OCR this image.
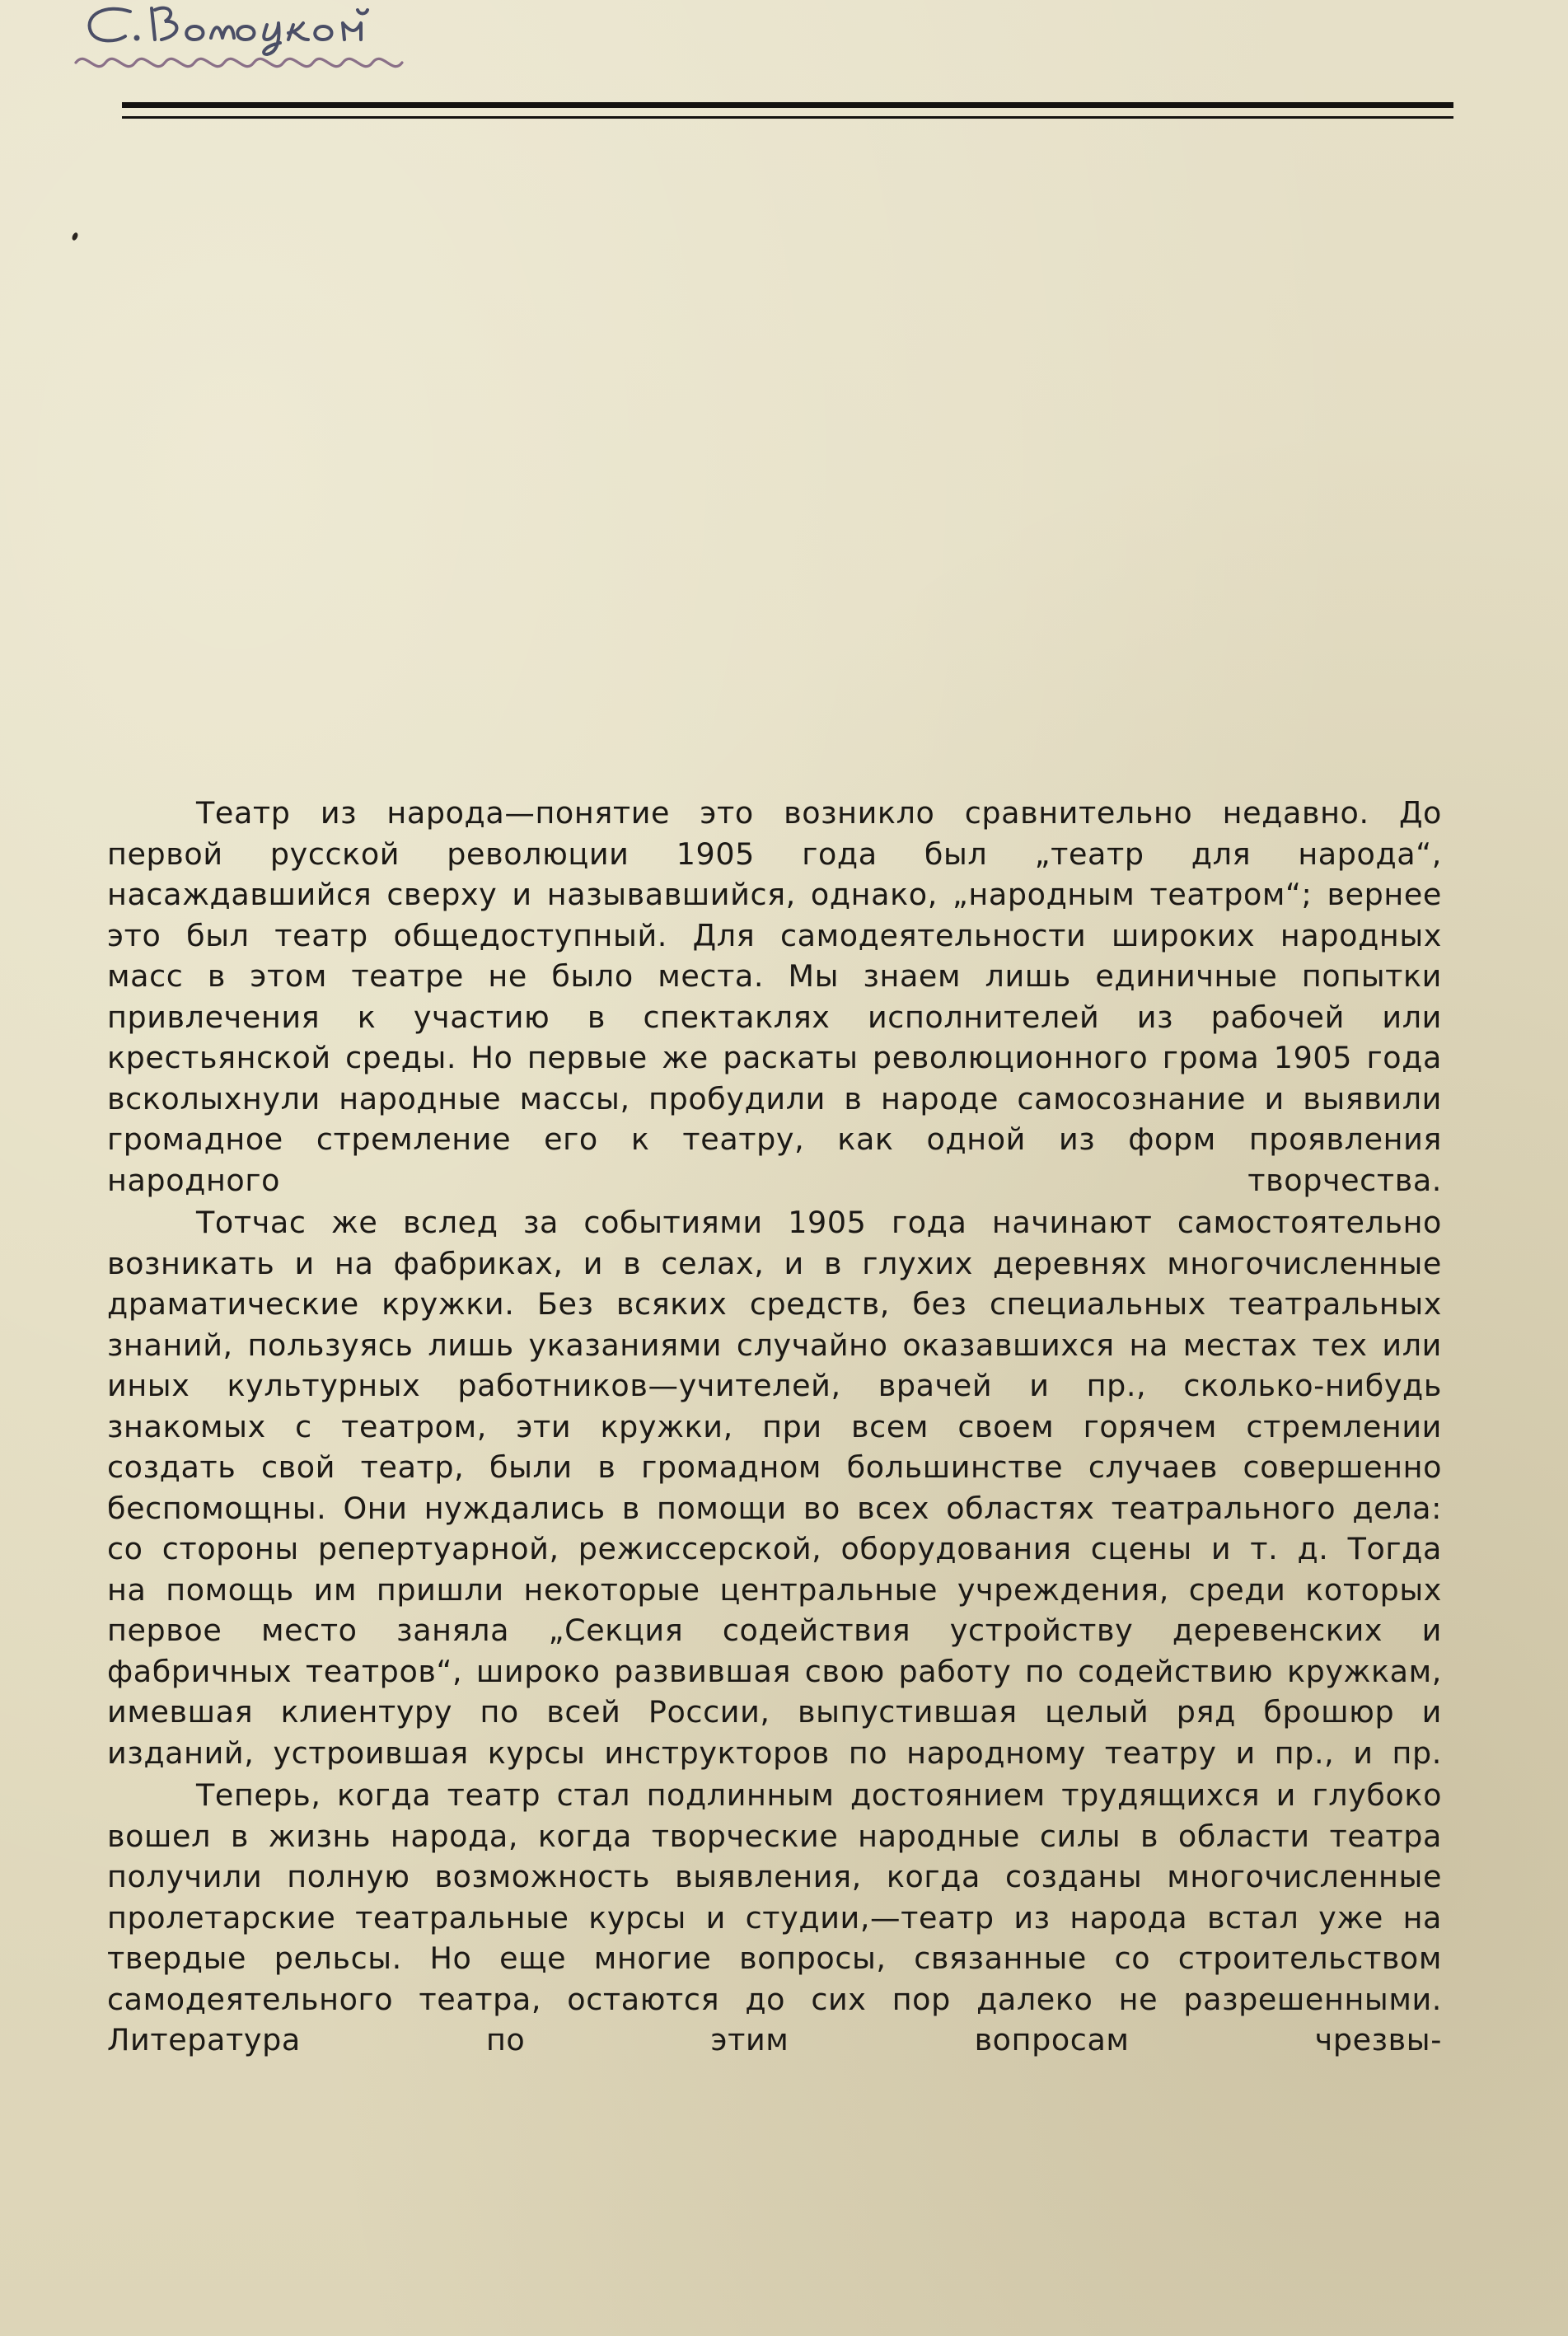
Театр из народа—понятие это возникло сравнительно недавно. До первой русской революции 1905 года был „театр для народа“, насаждавшийся сверху и называвшийся, однако, „народным театром“; вернее это был театр общедоступный. Для самодеятельности широких народных масс в этом театре не было места. Мы знаем лишь единичные попытки привлечения к участию в спектаклях исполнителей из рабочей или крестьянской среды. Но первые же раскаты революционного грома 1905 года всколыхнули народные массы, пробудили в народе самосознание и выявили громадное стремление его к театру, как одной из форм проявления народного творчества.

Тотчас же вслед за событиями 1905 года начинают самостоятельно возникать и на фабриках, и в селах, и в глухих деревнях многочисленные драматические кружки. Без всяких средств, без специальных театральных знаний, пользуясь лишь указаниями случайно оказавшихся на местах тех или иных культурных работников—учителей, врачей и пр., сколько-нибудь знакомых с театром, эти кружки, при всем своем горячем стремлении создать свой театр, были в громадном большинстве случаев совершенно беспомощны. Они нуждались в помощи во всех областях театрального дела: со стороны репертуарной, режиссерской, оборудования сцены и т. д. Тогда на помощь им пришли некоторые центральные учреждения, среди которых первое место заняла „Секция содействия устройству деревенских и фабричных театров“, широко развившая свою работу по содействию кружкам, имевшая клиентуру по всей России, выпустившая целый ряд брошюр и изданий, устроившая курсы инструкторов по народному театру и пр., и пр.

Теперь, когда театр стал подлинным достоянием трудящихся и глубоко вошел в жизнь народа, когда творческие народные силы в области театра получили полную возможность выявления, когда созданы многочисленные пролетарские театральные курсы и студии,—театр из народа встал уже на твердые рельсы. Но еще многие вопросы, связанные со строительством самодеятельного театра, остаются до сих пор далеко не разрешенными. Литература по этим вопросам чрезвы-
